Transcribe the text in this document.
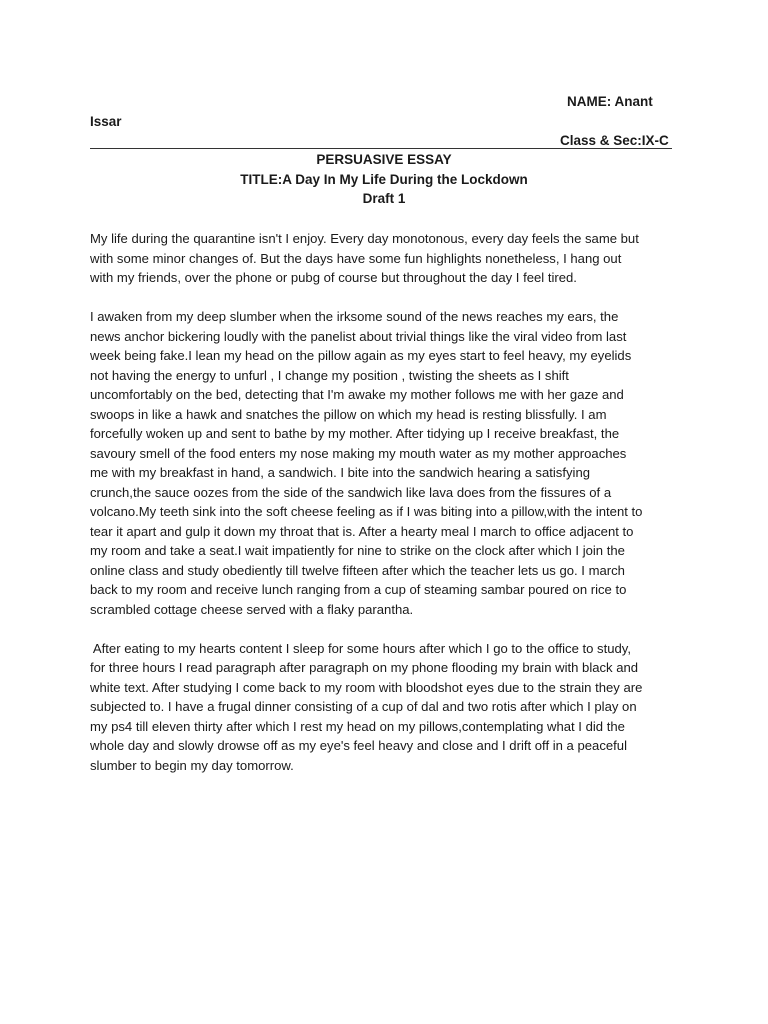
NAME: Anant
Issar
Class & Sec:IX-C
PERSUASIVE ESSAY
TITLE:A Day In My Life During the Lockdown
Draft 1

My life during the quarantine isn't I enjoy. Every day monotonous, every day feels the same but
with some minor changes of. But the days have some fun highlights nonetheless, I hang out
with my friends, over the phone or pubg of course but throughout the day I feel tired.

I awaken from my deep slumber when the irksome sound of the news reaches my ears, the
news anchor bickering loudly with the panelist about trivial things like the viral video from last
week being fake.I lean my head on the pillow again as my eyes start to feel heavy, my eyelids
not having the energy to unfurl , I change my position , twisting the sheets as I shift
uncomfortably on the bed, detecting that I'm awake my mother follows me with her gaze and
swoops in like a hawk and snatches the pillow on which my head is resting blissfully. I am
forcefully woken up and sent to bathe by my mother. After tidying up I receive breakfast, the
savoury smell of the food enters my nose making my mouth water as my mother approaches
me with my breakfast in hand, a sandwich. I bite into the sandwich hearing a satisfying
crunch,the sauce oozes from the side of the sandwich like lava does from the fissures of a
volcano.My teeth sink into the soft cheese feeling as if I was biting into a pillow,with the intent to
tear it apart and gulp it down my throat that is. After a hearty meal I march to office adjacent to
my room and take a seat.I wait impatiently for nine to strike on the clock after which I join the
online class and study obediently till twelve fifteen after which the teacher lets us go. I march
back to my room and receive lunch ranging from a cup of steaming sambar poured on rice to
scrambled cottage cheese served with a flaky parantha.

After eating to my hearts content I sleep for some hours after which I go to the office to study,
for three hours I read paragraph after paragraph on my phone flooding my brain with black and
white text. After studying I come back to my room with bloodshot eyes due to the strain they are
subjected to. I have a frugal dinner consisting of a cup of dal and two rotis after which I play on
my ps4 till eleven thirty after which I rest my head on my pillows,contemplating what I did the
whole day and slowly drowse off as my eye's feel heavy and close and I drift off in a peaceful
slumber to begin my day tomorrow.
